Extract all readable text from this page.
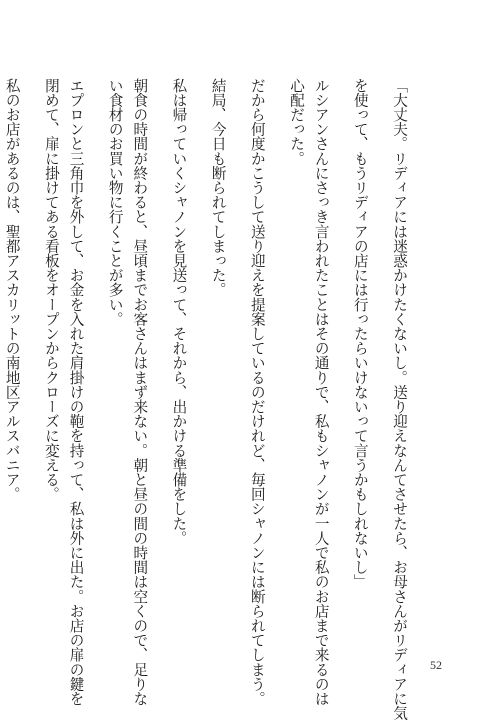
「大丈夫。リディアには迷惑かけたくないし。送り迎えなんてさせたら、お母さんがリディアに気

を使って、もうリディアの店には行ったらいけないって言うかもしれないし」

ルシアンさんにさっき言われたことはその通りで、私もシャノンが一人で私のお店まで来るのは

心配だった。

だから何度かこうして送り迎えを提案しているのだけれど、毎回シャノンには断られてしまう。

結局、今日も断られてしまった。

私は帰っていくシャノンを見送って、それから、出かける準備をした。

朝食の時間が終わると、昼頃までお客さんはまず来ない。朝と昼の間の時間は空くので、足りな

い食材のお買い物に行くことが多い。

エプロンと三角巾を外して、お金を入れた肩掛けの鞄を持って、私は外に出た。お店の扉の鍵を

閉めて、扉に掛けてある看板をオープンからクローズに変える。

私のお店があるのは、聖都アスカリットの南地区アルスバニア。

52
